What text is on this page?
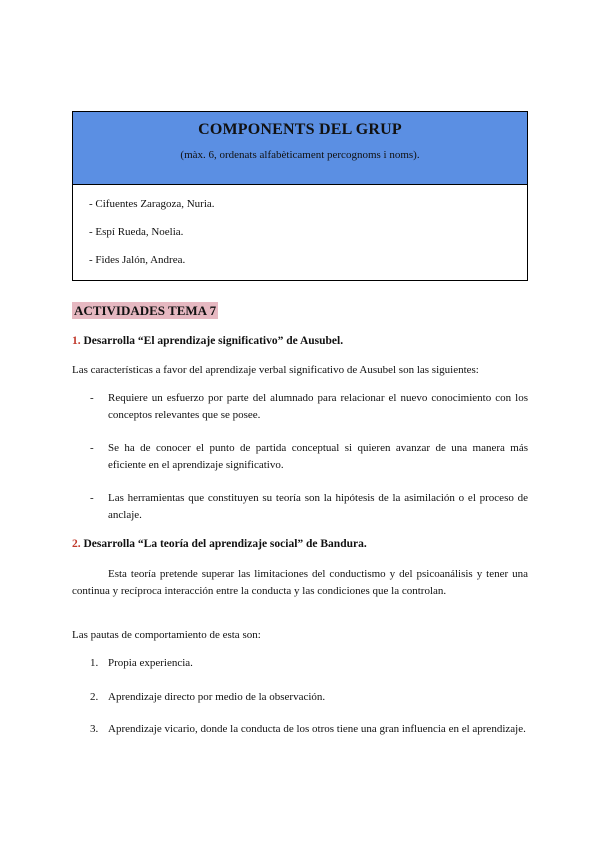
COMPONENTS DEL GRUP
(màx. 6, ordenats alfabèticament percognoms i noms).
- Cifuentes Zaragoza, Nuria.
- Espí Rueda, Noelia.
- Fides Jalón, Andrea.
ACTIVIDADES TEMA 7
1. Desarrolla “El aprendizaje significativo” de Ausubel.
Las características a favor del aprendizaje verbal significativo de Ausubel son las siguientes:
-	Requiere un esfuerzo por parte del alumnado para relacionar el nuevo conocimiento con los conceptos relevantes que se posee.
-	Se ha de conocer el punto de partida conceptual si quieren avanzar de una manera más eficiente en el aprendizaje significativo.
-	Las herramientas que constituyen su teoría son la hipótesis de la asimilación o el proceso de anclaje.
2. Desarrolla “La teoría del aprendizaje social” de Bandura.
Esta teoría pretende superar las limitaciones del conductismo y del psicoanálisis y tener una continua y recíproca interacción entre la conducta y las condiciones que la controlan.
Las pautas de comportamiento de esta son:
1. Propia experiencia.
2. Aprendizaje directo por medio de la observación.
3. Aprendizaje vicario, donde la conducta de los otros tiene una gran influencia en el aprendizaje.
